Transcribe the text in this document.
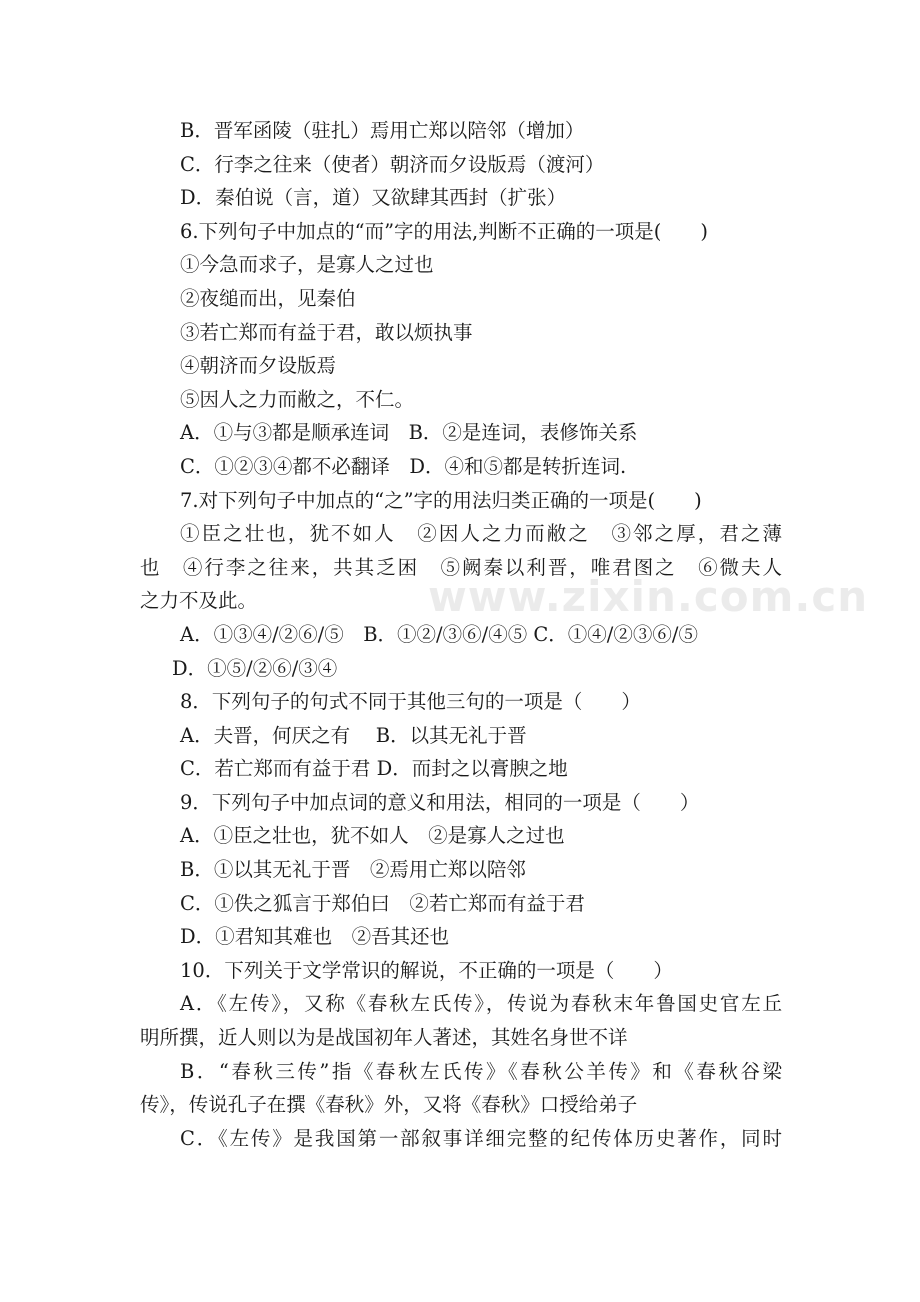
B．晋军函陵（驻扎）焉用亡郑以陪邻（增加）
C．行李之往来（使者）朝济而夕设版焉（渡河）
D．秦伯说（言，道）又欲肆其西封（扩张）
6.下列句子中加点的“而”字的用法,判断不正确的一项是(　　)
①今急而求子，是寡人之过也
②夜缒而出，见秦伯
③若亡郑而有益于君，敢以烦执事
④朝济而夕设版焉
⑤因人之力而敝之，不仁。
A．①与③都是顺承连词　B．②是连词，表修饰关系
C．①②③④都不必翻译　D．④和⑤都是转折连词.
7.对下列句子中加点的“之”字的用法归类正确的一项是(　　)
①臣之壮也，犹不如人　②因人之力而敝之　③邻之厚，君之薄
也　④行李之往来，共其乏困　⑤阙秦以利晋，唯君图之　⑥微夫人
之力不及此。
A．①③④/②⑥/⑤　B．①②/③⑥/④⑤ C．①④/②③⑥/⑤
D．①⑤/②⑥/③④
8．下列句子的句式不同于其他三句的一项是（　　）
A．夫晋，何厌之有　 B．以其无礼于晋
C．若亡郑而有益于君 D．而封之以膏腴之地
9．下列句子中加点词的意义和用法，相同的一项是（　　）
A．①臣之壮也，犹不如人　②是寡人之过也
B．①以其无礼于晋　②焉用亡郑以陪邻
C．①佚之狐言于郑伯曰　②若亡郑而有益于君
D．①君知其难也　②吾其还也
10．下列关于文学常识的解说，不正确的一项是（　　）
A．《左传》，又称《春秋左氏传》，传说为春秋末年鲁国史官左丘
明所撰，近人则以为是战国初年人著述，其姓名身世不详
B．“春秋三传”指《春秋左氏传》《春秋公羊传》和《春秋谷梁
传》，传说孔子在撰《春秋》外，又将《春秋》口授给弟子
C．《左传》是我国第一部叙事详细完整的纪传体历史著作，同时
www.zixin.com.cn
